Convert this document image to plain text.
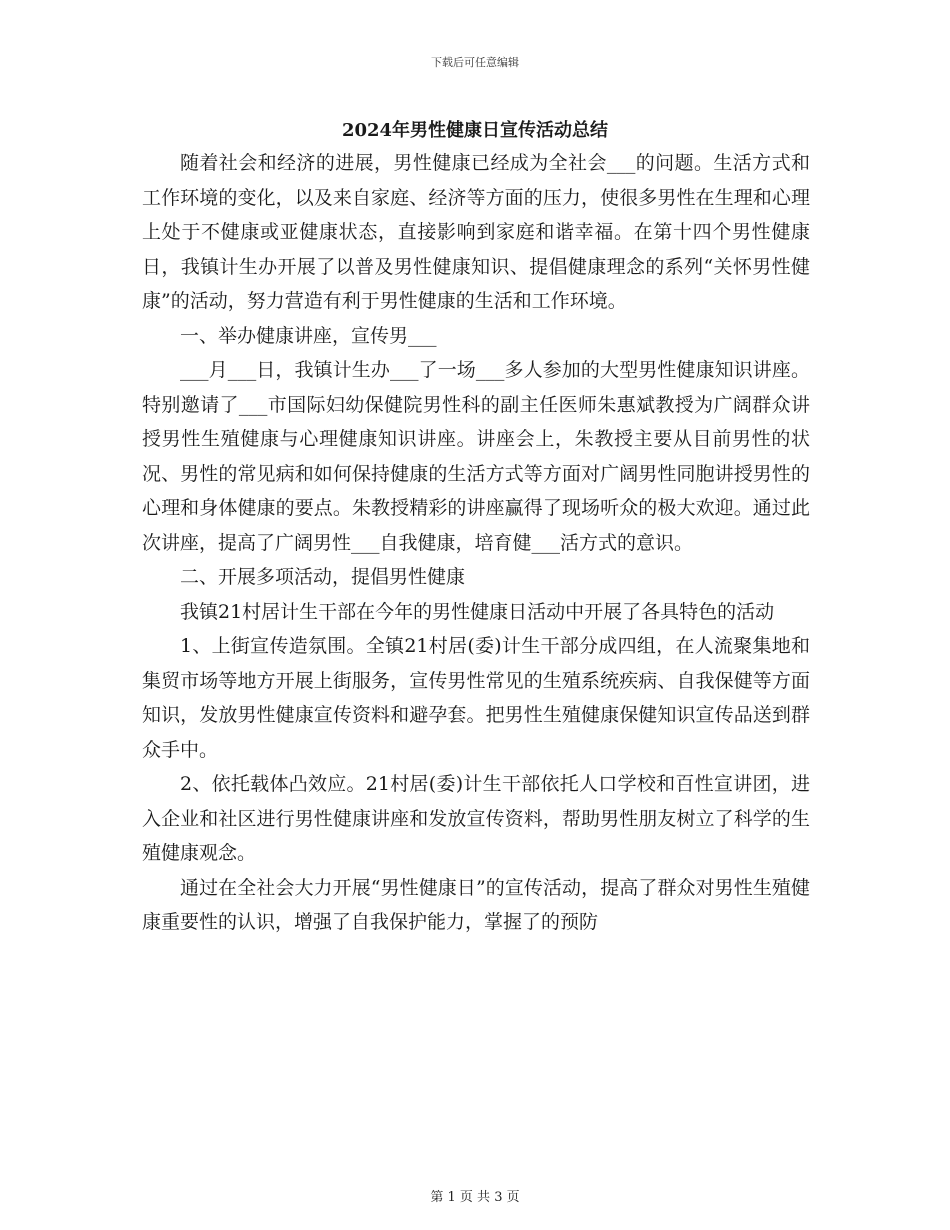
下载后可任意编辑
2024年男性健康日宣传活动总结

随着社会和经济的进展，男性健康已经成为全社会___的问题。生活方式和工作环境的变化，以及来自家庭、经济等方面的压力，使很多男性在生理和心理上处于不健康或亚健康状态，直接影响到家庭和谐幸福。在第十四个男性健康日，我镇计生办开展了以普及男性健康知识、提倡健康理念的系列“关怀男性健康”的活动，努力营造有利于男性健康的生活和工作环境。

一、举办健康讲座，宣传男___

___月___日，我镇计生办___了一场___多人参加的大型男性健康知识讲座。特别邀请了___市国际妇幼保健院男性科的副主任医师朱惠斌教授为广阔群众讲授男性生殖健康与心理健康知识讲座。讲座会上，朱教授主要从目前男性的状况、男性的常见病和如何保持健康的生活方式等方面对广阔男性同胞讲授男性的心理和身体健康的要点。朱教授精彩的讲座赢得了现场听众的极大欢迎。通过此次讲座，提高了广阔男性___自我健康，培育健___活方式的意识。

二、开展多项活动，提倡男性健康

我镇21村居计生干部在今年的男性健康日活动中开展了各具特色的活动

1、上街宣传造氛围。全镇21村居(委)计生干部分成四组，在人流聚集地和集贸市场等地方开展上街服务，宣传男性常见的生殖系统疾病、自我保健等方面知识，发放男性健康宣传资料和避孕套。把男性生殖健康保健知识宣传品送到群众手中。

2、依托载体凸效应。21村居(委)计生干部依托人口学校和百性宣讲团，进入企业和社区进行男性健康讲座和发放宣传资料，帮助男性朋友树立了科学的生殖健康观念。

通过在全社会大力开展“男性健康日”的宣传活动，提高了群众对男性生殖健康重要性的认识，增强了自我保护能力，掌握了的预防

第 1 页 共 3 页
